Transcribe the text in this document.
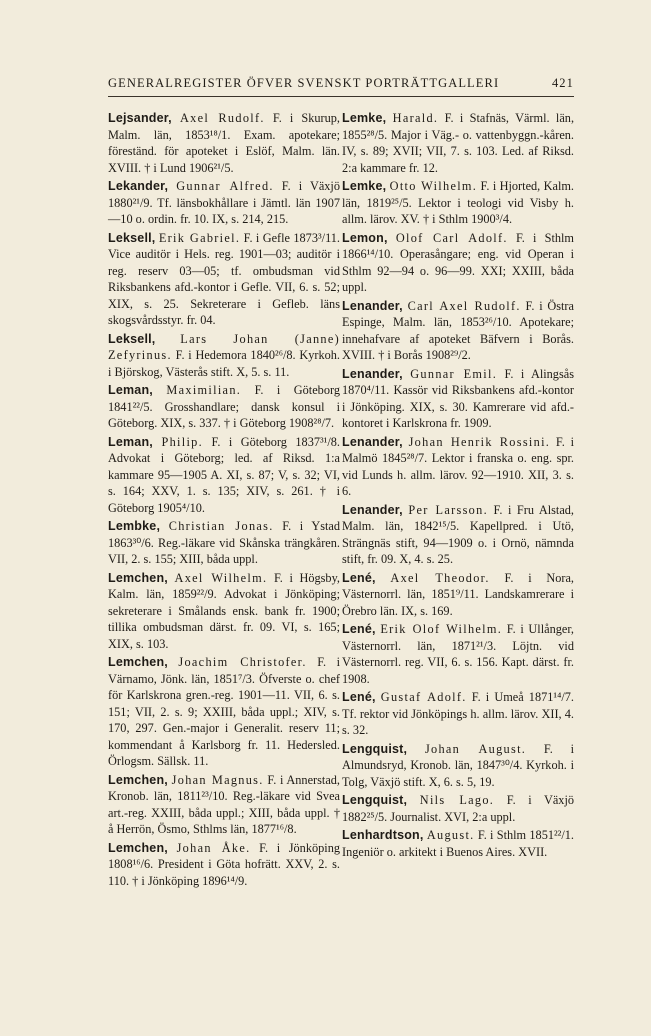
GENERALREGISTER ÖFVER SVENSKT PORTRÄTTGALLERI	421

Lejsander, Axel Rudolf. F. i Skurup, Malm. län, 1853¹⁸/1. Exam. apotekare; föreständ. för apoteket i Eslöf, Malm. län. XVIII. † i Lund 1906²¹/5.

Lekander, Gunnar Alfred. F. i Växjö 1880²¹/9. Tf. länsbokhållare i Jämtl. län 1907—10 o. ordin. fr. 10. IX, s. 214, 215.

Leksell, Erik Gabriel. F. i Gefle 1873³/11. Vice auditör i Hels. reg. 1901—03; auditör i reg. reserv 03—05; tf. ombudsman vid Riksbankens afd.-kontor i Gefle. VII, 6. s. 52; XIX, s. 25. Sekreterare i Gefleb. läns skogsvårdsstyr. fr. 04.

Leksell, Lars Johan (Janne) Zefyrinus. F. i Hedemora 1840²⁶/8. Kyrkoh. i Björskog, Västerås stift. X, 5. s. 11.

Leman, Maximilian. F. i Göteborg 1841²²/5. Grosshandlare; dansk konsul i Göteborg. XIX, s. 337. † i Göteborg 1908²⁸/7.

Leman, Philip. F. i Göteborg 1837³¹/8. Advokat i Göteborg; led. af Riksd. 1:a kammare 95—1905 A. XI, s. 87; V, s. 32; VI, s. 164; XXV, 1. s. 135; XIV, s. 261. † i Göteborg 1905⁴/10.

Lembke, Christian Jonas. F. i Ystad 1863³⁰/6. Reg.-läkare vid Skånska trängkåren. VII, 2. s. 155; XIII, båda uppl.

Lemchen, Axel Wilhelm. F. i Högsby, Kalm. län, 1859²²/9. Advokat i Jönköping; sekreterare i Smålands ensk. bank fr. 1900; tillika ombudsman därst. fr. 09. VI, s. 165; XIX, s. 103.

Lemchen, Joachim Christofer. F. i Värnamo, Jönk. län, 1851⁷/3. Öfverste o. chef för Karlskrona gren.-reg. 1901—11. VII, 6. s. 151; VII, 2. s. 9; XXIII, båda uppl.; XIV, s. 170, 297. Gen.-major i Generalit. reserv 11; kommendant å Karlsborg fr. 11. Hedersled. Örlogsm. Sällsk. 11.

Lemchen, Johan Magnus. F. i Annerstad, Kronob. län, 1811²³/10. Reg.-läkare vid Svea art.-reg. XXIII, båda uppl.; XIII, båda uppl. † å Herrön, Ösmo, Sthlms län, 1877¹⁶/8.

Lemchen, Johan Åke. F. i Jönköping 1808¹⁶/6. President i Göta hofrätt. XXV, 2. s. 110. † i Jönköping 1896¹⁴/9.

Lemke, Harald. F. i Stafnäs, Värml. län, 1855²⁸/5. Major i Väg.- o. vattenbyggn.-kåren. IV, s. 89; XVII; VII, 7. s. 103. Led. af Riksd. 2:a kammare fr. 12.

Lemke, Otto Wilhelm. F. i Hjorted, Kalm. län, 1819²⁵/5. Lektor i teologi vid Visby h. allm. lärov. XV. † i Sthlm 1900³/4.

Lemon, Olof Carl Adolf. F. i Sthlm 1866¹⁴/10. Operasångare; eng. vid Operan i Sthlm 92—94 o. 96—99. XXI; XXIII, båda uppl.

Lenander, Carl Axel Rudolf. F. i Östra Espinge, Malm. län, 1853²⁶/10. Apotekare; innehafvare af apoteket Bäfvern i Borås. XVIII. † i Borås 1908²⁹/2.

Lenander, Gunnar Emil. F. i Alingsås 1870⁴/11. Kassör vid Riksbankens afd.-kontor i Jönköping. XIX, s. 30. Kamrerare vid afd.-kontoret i Karlskrona fr. 1909.

Lenander, Johan Henrik Rossini. F. i Malmö 1845²⁸/7. Lektor i franska o. eng. spr. vid Lunds h. allm. lärov. 92—1910. XII, 3. s. 6.

Lenander, Per Larsson. F. i Fru Alstad, Malm. län, 1842¹⁵/5. Kapellpred. i Utö, Strängnäs stift, 94—1909 o. i Ornö, nämnda stift, fr. 09. X, 4. s. 25.

Lené, Axel Theodor. F. i Nora, Västernorrl. län, 1851⁹/11. Landskamrerare i Örebro län. IX, s. 169.

Lené, Erik Olof Wilhelm. F. i Ullånger, Västernorrl. län, 1871²¹/3. Löjtn. vid Västernorrl. reg. VII, 6. s. 156. Kapt. därst. fr. 1908.

Lené, Gustaf Adolf. F. i Umeå 1871¹⁴/7. Tf. rektor vid Jönköpings h. allm. lärov. XII, 4. s. 32.

Lengquist, Johan August. F. i Almundsryd, Kronob. län, 1847³⁰/4. Kyrkoh. i Tolg, Växjö stift. X, 6. s. 5, 19.

Lengquist, Nils Lago. F. i Växjö 1882²⁵/5. Journalist. XVI, 2:a uppl.

Lenhardtson, August. F. i Sthlm 1851²²/1. Ingeniör o. arkitekt i Buenos Aires. XVII.
